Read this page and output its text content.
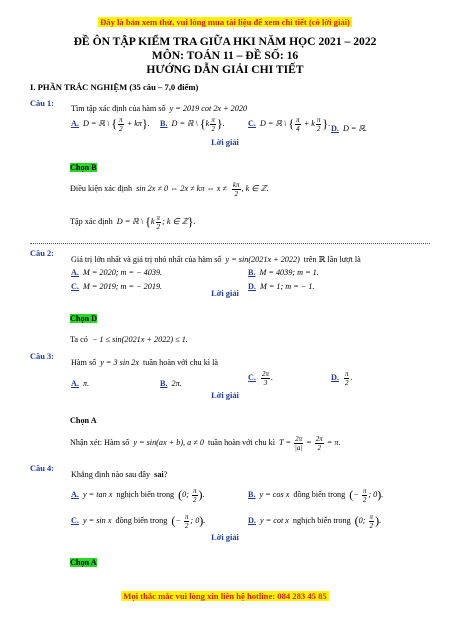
Đây là bản xem thử, vui lòng mua tài liệu để xem chi tiết (có lời giải)
ĐỀ ÔN TẬP KIỂM TRA GIỮA HKI NĂM HỌC 2021 – 2022
MÔN: TOÁN 11 – ĐỀ SỐ: 16
HƯỚNG DẪN GIẢI CHI TIẾT
I. PHẦN TRẮC NGHIỆM (35 câu – 7,0 điểm)
Câu 1:
Tìm tập xác định của hàm số y = 2019 cot 2x + 2020
A. D = ℝ \ { $\frac{\pi}{2} + k\pi$}. B. D = ℝ \ {$k \frac{\pi}{2}$ }.	C. D = ℝ \ { $\frac{\pi}{4} + k \frac{\pi}{2}$ }.
D. D = ℝ.
Lời giải
Chọn B
Điều kiện xác định sin 2x ≠ 0 ⇔ 2x ≠ kπ ⇔ $x \ne \frac{k\pi}{2}$ , k ∈ ℤ.
Tập xác định D = ℝ \ {$k \frac{\pi}{2}$ ; k ∈ ℤ}.
Câu 2:
Giá trị lớn nhất và giá trị nhỏ nhất của hàm số y = sin(2021x + 2022) trên ℝ lần lượt là
A. M = 2020; m = − 4039.	B. M = 4039; m = 1.
C. M = 2019; m = − 2019.	D. M = 1; m = − 1.
Lời giải
Chọn D
Ta có − 1 ≤ sin(2021x + 2022) ≤ 1.
Câu 3:
Hàm số y = 3 sin 2x tuần hoàn với chu kì là
A. π.	B. 2π.
C. $\frac{2\pi}{3}$ .	D. $\frac{\pi}{2}$ .
Lời giải
Chọn A
Nhận xét: Hàm số y = sin(ax + b), a ≠ 0 tuần hoàn với chu kì $T = \frac{2\pi}{|a|} = \frac{2\pi}{2} = \pi$.
Câu 4:
Khẳng định nào sau đây sai?
A. y = tan x nghịch biến trong (0; $\frac{\pi}{2}$ ).	B. y = cos x đồng biến trong (− $\frac{\pi}{2}$ ; 0).
C. y = sin x đồng biến trong (− $\frac{\pi}{2}$ ; 0).	D. y = cot x nghịch biến trong (0; $\frac{\pi}{2}$ ).
Lời giải
Chọn A
Mọi thắc mắc vui lòng xin liên hệ hotline: 084 283 45 85
